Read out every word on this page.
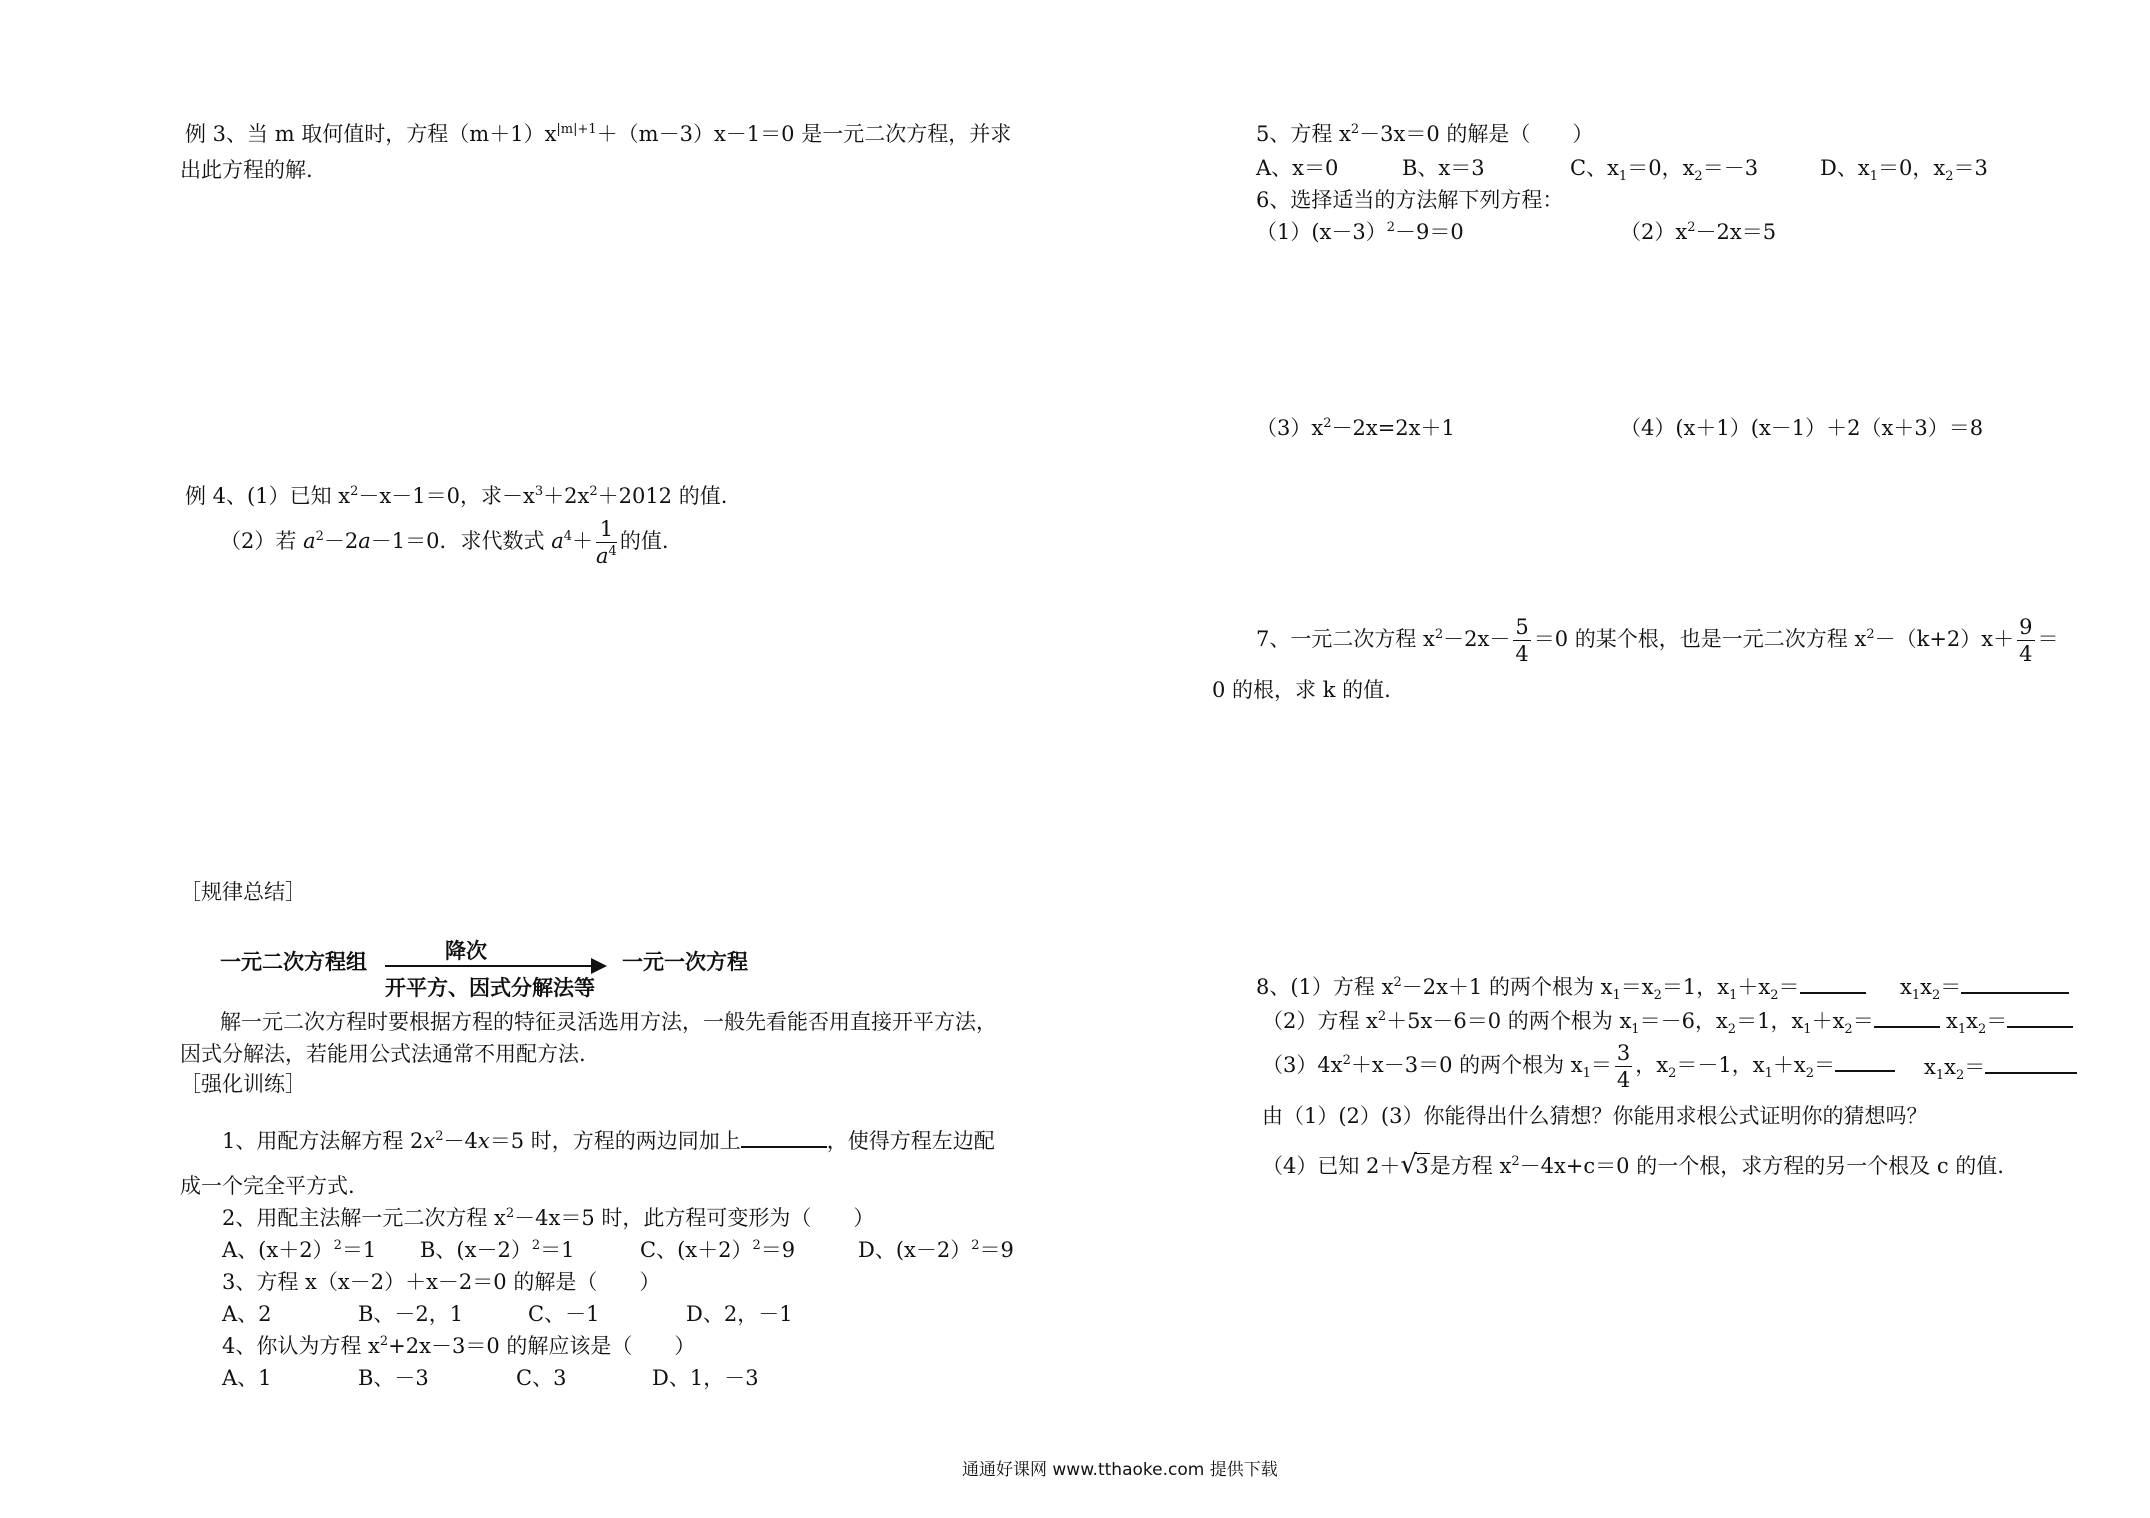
例 3、当 m 取何值时，方程$(m+1)x^{|m|+1}+(m-3)x-1=0$ 是一元二次方程，并求
出此方程的解.
例 4、(1）已知 $x^2-x-1=0$，求$-x^3+2x^2+2012$ 的值.
（2）若 $a^2-2a-1=0$．求代数式 $a^4+ \frac{1}{a^4}$ 的值.
［规律总结］
一元二次方程组	降次
开平方、因式分解法等
一元一次方程
解一元二次方程时要根据方程的特征灵活选用方法，一般先看能否用直接开平方法，
因式分解法，若能用公式法通常不用配方法.
［强化训练］
1、用配方法解方程 $2x^2-4x=5$ 时，方程的两边同加上	，使得方程左边配
成一个完全平方式.
2、用配主法解一元二次方程 $x^2-4x=5$ 时，此方程可变形为（　　）
A、(x＋2）$^2$＝1 B、(x－2）$^2$＝1	C、(x＋2）$^2$＝9	D、(x－2）$^2$＝9
3、方程 x（x－2）＋x－2＝0 的解是（　　）
A、2	B、－2，1	C、－1	D、2，－1
4、你认为方程 $x^2+2x-3=0$ 的解应该是（　　）
A、1	B、－3	C、3	D、1，－3
5、方程 $x^2-3x=0$ 的解是（　　）
A、x＝0	B、x＝3	C、$x_1=0$，$x_2=-3$	D、$x_1=0$，$x_2=3$
6、选择适当的方法解下列方程：
（1）(x－3）$^2$－9＝0	$(2)x^2-2x=5$
$(3)x^2-2x=2x+1$	（4）(x＋1）(x－1）＋2（x＋3）＝8
7、一元二次方程 $x^2-2x- \frac{5}{4} =0$ 的某个根，也是一元二次方程 $x^2-(k+2)x+ \frac{9}{4}$ ＝
0 的根，求 k 的值.
8、(1）方程 $x^2-2x+1$ 的两个根为 $x_1=x_2=1$，$x_1+x_2=$	$x_1x_2=$
（2）方程 $x^2+5x-6=0$ 的两个根为 $x_1=-6$，$x_2=1$，$x_1+x_2=$	$x_1x_2=$
$(3)4x^2+x-3=0$ 的两个根为 $x_1= \frac{3}{4}$ ，$x_2=-1$，$x_1+x_2=$	$x_1x_2=$
由（1）(2）(3）你能得出什么猜想？你能用求根公式证明你的猜想吗？
（4）已知 2＋ √
3是方程 $x^2-4x+c=0$ 的一个根，求方程的另一个根及 c 的值.
通通好课网 www.tthaoke.com 提供下载
